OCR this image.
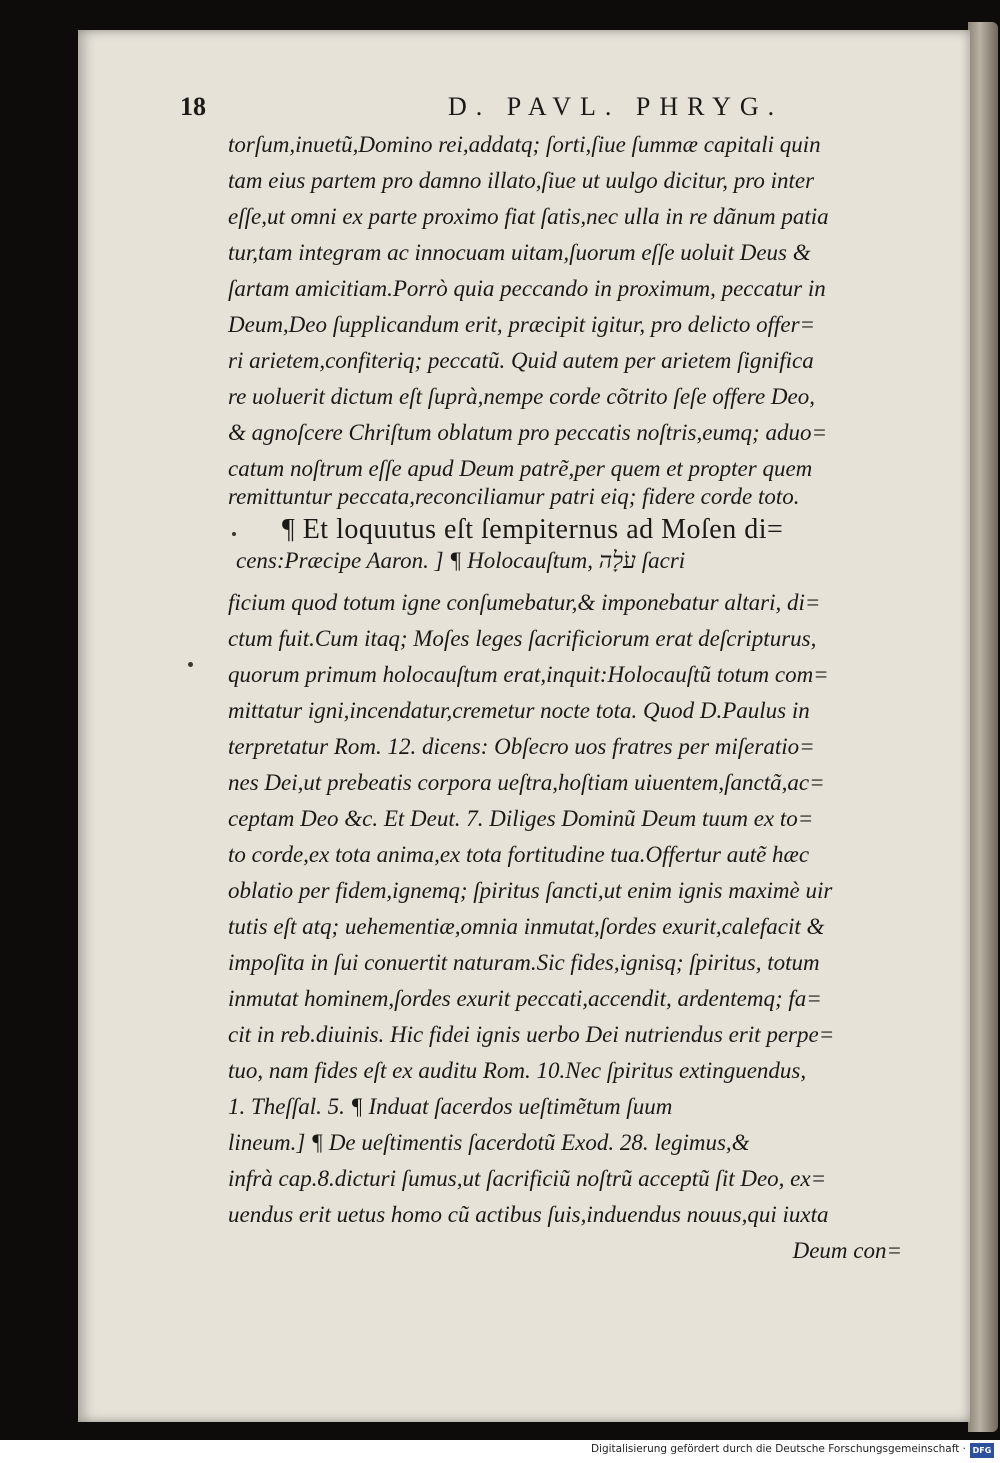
18	D. PAVL. PHRYG.
torſum,inuetũ,Domino rei,addatq; ſorti,ſiue ſummæ capitali quin
tam eius partem pro damno illato,ſiue ut uulgo dicitur, pro inter
eſſe,ut omni ex parte proximo fiat ſatis,nec ulla in re dãnum patia
tur,tam integram ac innocuam uitam,ſuorum eſſe uoluit Deus &
ſartam amicitiam.Porrò quia peccando in proximum, peccatur in
Deum,Deo ſupplicandum erit, præcipit igitur, pro delicto offer=
ri arietem,confiteriq; peccatũ. Quid autem per arietem ſignifica
re uoluerit dictum eſt ſuprà,nempe corde cõtrito ſeſe offere Deo,
& agnoſcere Chriſtum oblatum pro peccatis noſtris,eumq; aduo=
catum noſtrum eſſe apud Deum patrẽ,per quem et propter quem
remittuntur peccata,reconciliamur patri eiq; fidere corde toto.
¶ Et loquutus eſt ſempiternus ad Moſen di=
cens:Præcipe Aaron. ] ¶ Holocauſtum, עֹלָה ſacri
ficium quod totum igne conſumebatur,& imponebatur altari, di=
ctum fuit.Cum itaq; Moſes leges ſacrificiorum erat deſcripturus,
quorum primum holocauſtum erat,inquit:Holocauſtũ totum com=
mittatur igni,incendatur,cremetur nocte tota. Quod D.Paulus in
terpretatur Rom. 12. dicens: Obſecro uos fratres per miſeratio=
nes Dei,ut prebeatis corpora ueſtra,hoſtiam uiuentem,ſanctã,ac=
ceptam Deo &c. Et Deut. 7. Diliges Dominũ Deum tuum ex to=
to corde,ex tota anima,ex tota fortitudine tua.Offertur autẽ hæc
oblatio per fidem,ignemq; ſpiritus ſancti,ut enim ignis maximè uir
tutis eſt atq; uehementiæ,omnia inmutat,ſordes exurit,calefacit &
impoſita in ſui conuertit naturam.Sic fides,ignisq; ſpiritus, totum
inmutat hominem,ſordes exurit peccati,accendit, ardentemq; fa=
cit in reb.diuinis. Hic fidei ignis uerbo Dei nutriendus erit perpe=
tuo, nam fides eſt ex auditu Rom. 10.Nec ſpiritus extinguendus,
1. Theſſal. 5. ¶ Induat ſacerdos ueſtimẽtum ſuum
lineum.] ¶ De ueſtimentis ſacerdotũ Exod. 28. legimus,&
infrà cap.8.dicturi ſumus,ut ſacrificiũ noſtrũ acceptũ ſit Deo, ex=
uendus erit uetus homo cũ actibus ſuis,induendus nouus,qui iuxta
Deum con=
Digitalisierung gefördert durch die Deutsche Forschungsgemeinschaft · DFG
